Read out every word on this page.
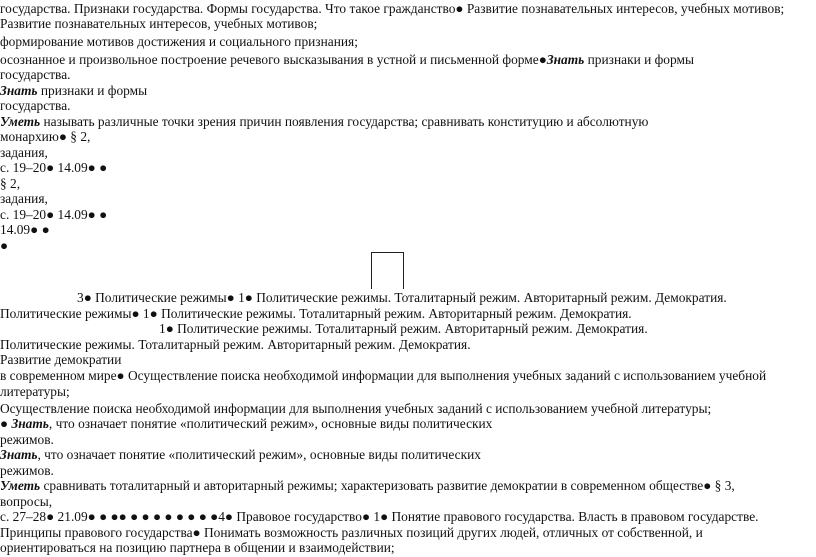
государства. Признаки государства. Формы государства. Что такое гражданство● Развитие познавательных интересов, учебных мотивов;
Развитие познавательных интересов, учебных мотивов;
формирование мотивов достижения и социального признания;
осознанное и произвольное построение речевого высказывания в устной и письменной форме●Знать признаки и формы
государства.
Знать признаки и формы
государства.
Уметь называть различные точки зрения причин появления государства; сравнивать конституцию и абсолютную
монархию● § 2,
задания,
с. 19–20● 14.09● ●
§ 2,
задания,
с. 19–20● 14.09● ●
14.09● ●
●
3● Политические режимы● 1● Политические режимы. Тоталитарный режим. Авторитарный режим. Демократия.
Политические режимы● 1● Политические режимы. Тоталитарный режим. Авторитарный режим. Демократия.
1● Политические режимы. Тоталитарный режим. Авторитарный режим. Демократия.
Политические режимы. Тоталитарный режим. Авторитарный режим. Демократия.
Развитие демократии
в современном мире● Осуществление поиска необходимой информации для выполнения учебных заданий с использованием учебной
литературы;
Осуществление поиска необходимой информации для выполнения учебных заданий с использованием учебной литературы;
● Знать, что означает понятие «политический режим», основные виды политических
режимов.
Знать, что означает понятие «политический режим», основные виды политических
режимов.
Уметь сравнивать тоталитарный и авторитарный режимы; характеризовать развитие демократии в современном обществе● § 3,
вопросы,
с. 27–28● 21.09● ● ●● ● ● ● ● ● ● ● ●4● Правовое государство● 1● Понятие правового государства. Власть в правовом государстве.
Принципы правового государства● Понимать возможность различных позиций других людей, отличных от собственной, и
ориентироваться на позицию партнера в общении и взаимодействии;
